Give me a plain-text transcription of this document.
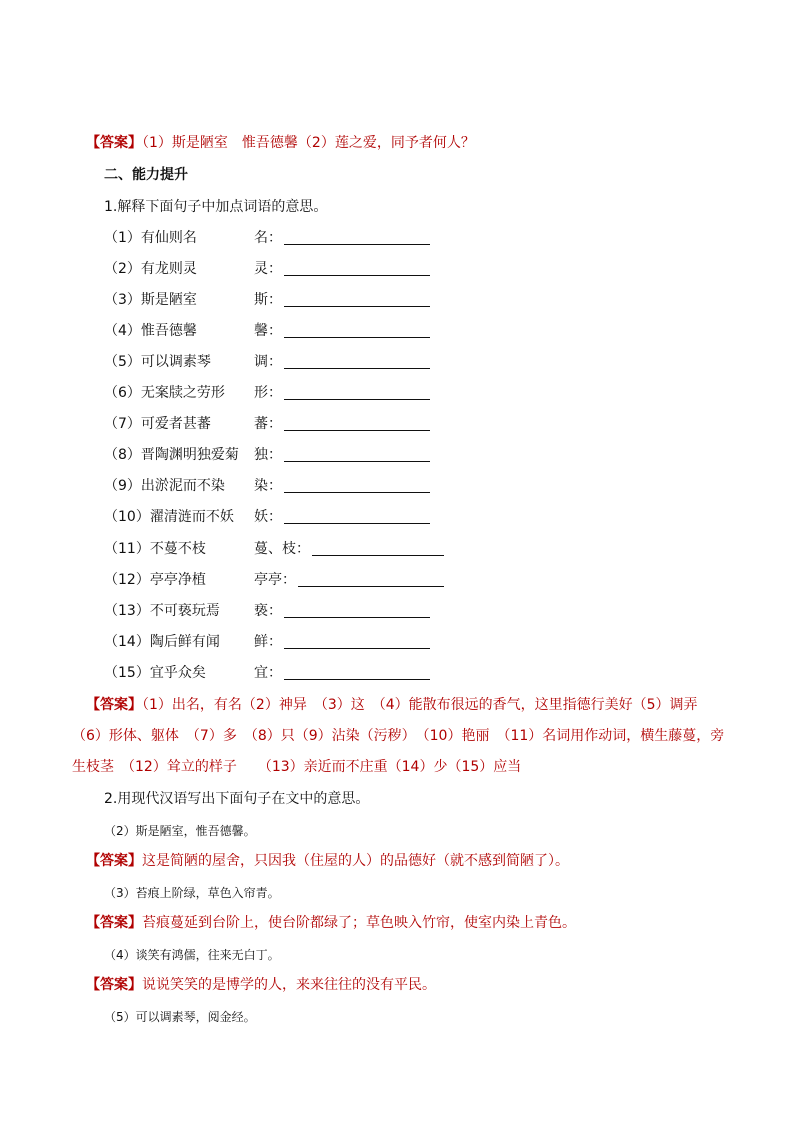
【答案】（1）斯是陋室　惟吾德馨（2）莲之爱，同予者何人？
二、能力提升
1.解释下面句子中加点词语的意思。
（1）有仙则名	名：
（2）有龙则灵	灵：
（3）斯是陋室	斯：
（4）惟吾德馨	馨：
（5）可以调素琴	调：
（6）无案牍之劳形 形：
（7）可爱者甚蕃	蕃：
（8）晋陶渊明独爱菊 独：
（9）出淤泥而不染 染：
（10）濯清涟而不妖 妖：
（11）不蔓不枝	蔓、枝：
（12）亭亭净植	亭亭：
（13）不可亵玩焉 亵：
（14）陶后鲜有闻 鲜：
（15）宜乎众矣	宜：
【答案】（1）出名，有名（2）神异　（3）这　（4）能散布很远的香气，这里指德行美好（5）调弄
（6）形体、躯体　（7）多　（8）只（9）沾染（污秽）　（10）艳丽　（11）名词用作动词，横生藤蔓，旁
生枝茎　（12）耸立的样子　　（13）亲近而不庄重（14）少（15）应当
2.用现代汉语写出下面句子在文中的意思。
（2）斯是陋室，惟吾德馨。
【答案】这是简陋的屋舍，只因我（住屋的人）的品德好（就不感到简陋了）。
（3）苔痕上阶绿，草色入帘青。
【答案】苔痕蔓延到台阶上，使台阶都绿了；草色映入竹帘，使室内染上青色。
（4）谈笑有鸿儒，往来无白丁。
【答案】说说笑笑的是博学的人，来来往往的没有平民。
（5）可以调素琴，阅金经。
